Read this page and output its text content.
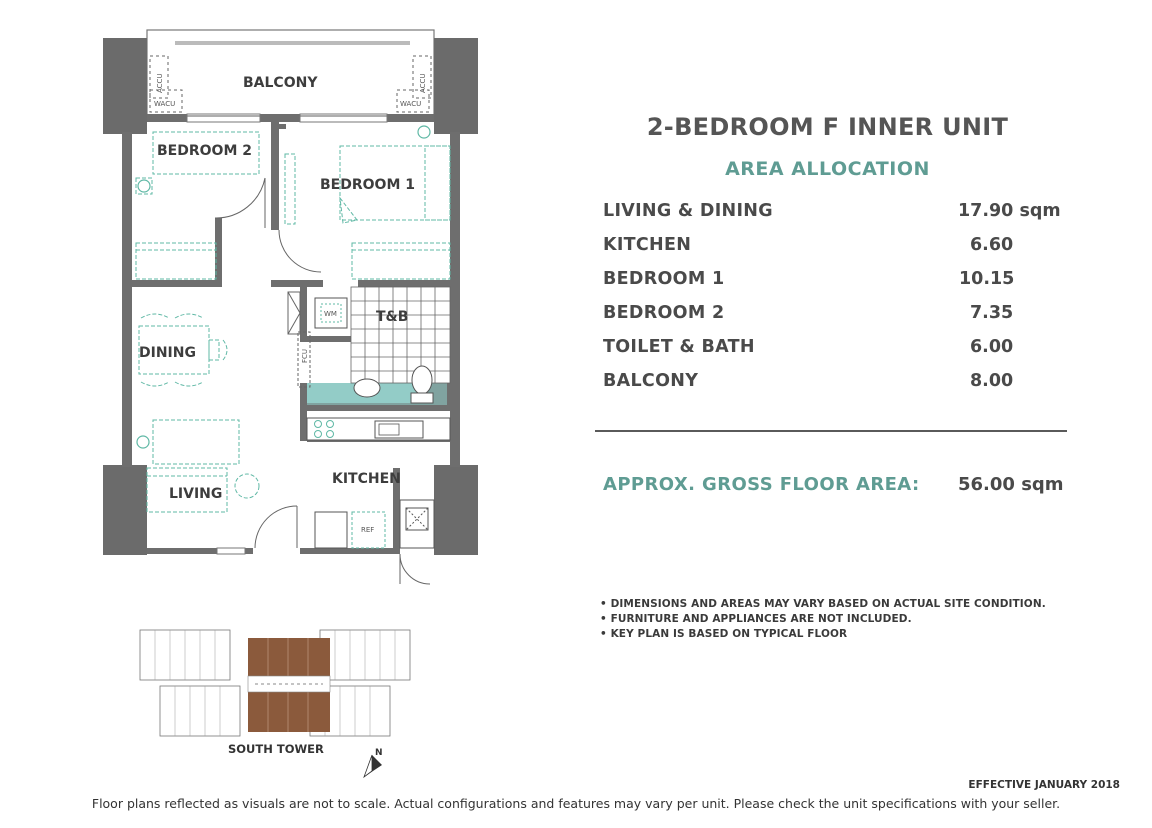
BALCONY
BEDROOM 2
BEDROOM 1
DINING
T&B
LIVING
KITCHEN
ACCU	ACCU
WACU	WACU
WM
FCU
REF
2-BEDROOM F INNER UNIT
AREA ALLOCATION
LIVING & DINING	17.90 sqm
KITCHEN	6.60
BEDROOM 1	10.15
BEDROOM 2	7.35
TOILET & BATH	6.00
BALCONY	8.00
APPROX. GROSS FLOOR AREA: 56.00 sqm
• DIMENSIONS AND AREAS MAY VARY BASED ON ACTUAL SITE CONDITION.
• FURNITURE AND APPLIANCES ARE NOT INCLUDED.
• KEY PLAN IS BASED ON TYPICAL FLOOR
SOUTH TOWER	N
EFFECTIVE JANUARY 2018
Floor plans reflected as visuals are not to scale. Actual configurations and features may vary per unit. Please check the unit specifications with your seller.
